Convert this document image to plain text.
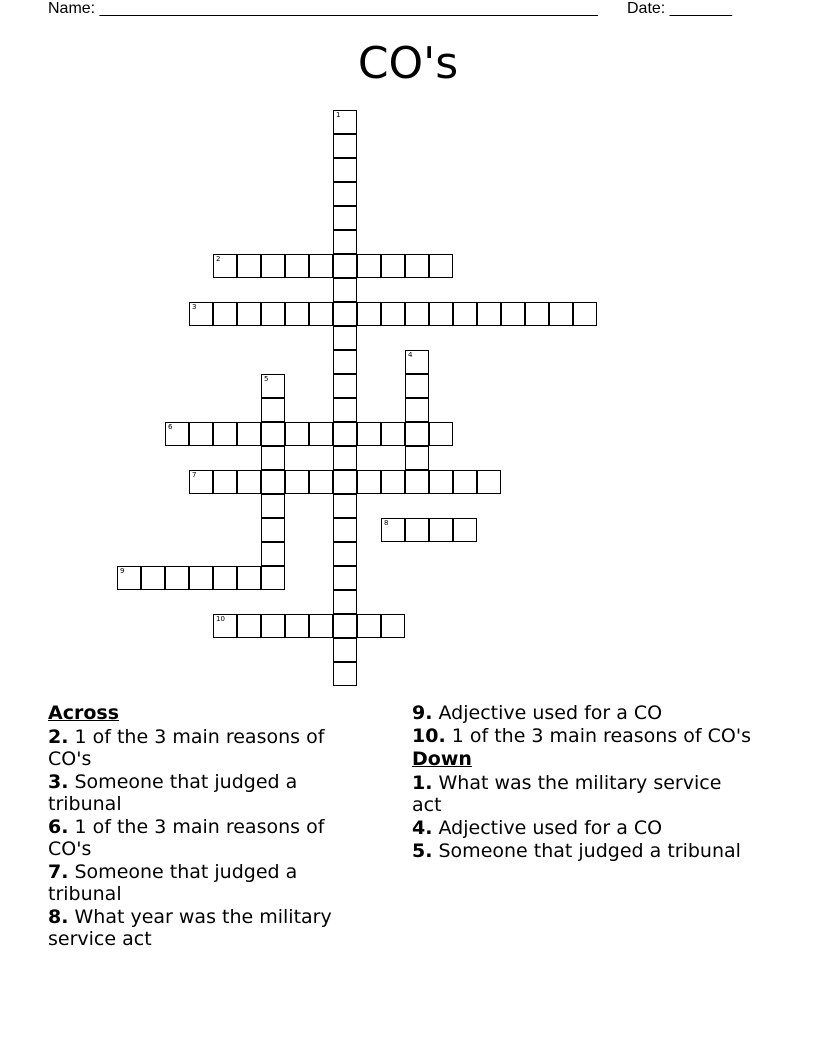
Name: ________________________________________________________ Date: _______
CO's
1
2
3
4
5
6
7
8
9
10
Across
2. 1 of the 3 main reasons of CO's
3. Someone that judged a tribunal
6. 1 of the 3 main reasons of CO's
7. Someone that judged a tribunal
8. What year was the military service act
9. Adjective used for a CO
10. 1 of the 3 main reasons of CO's
Down
1. What was the military service act
4. Adjective used for a CO
5. Someone that judged a tribunal
